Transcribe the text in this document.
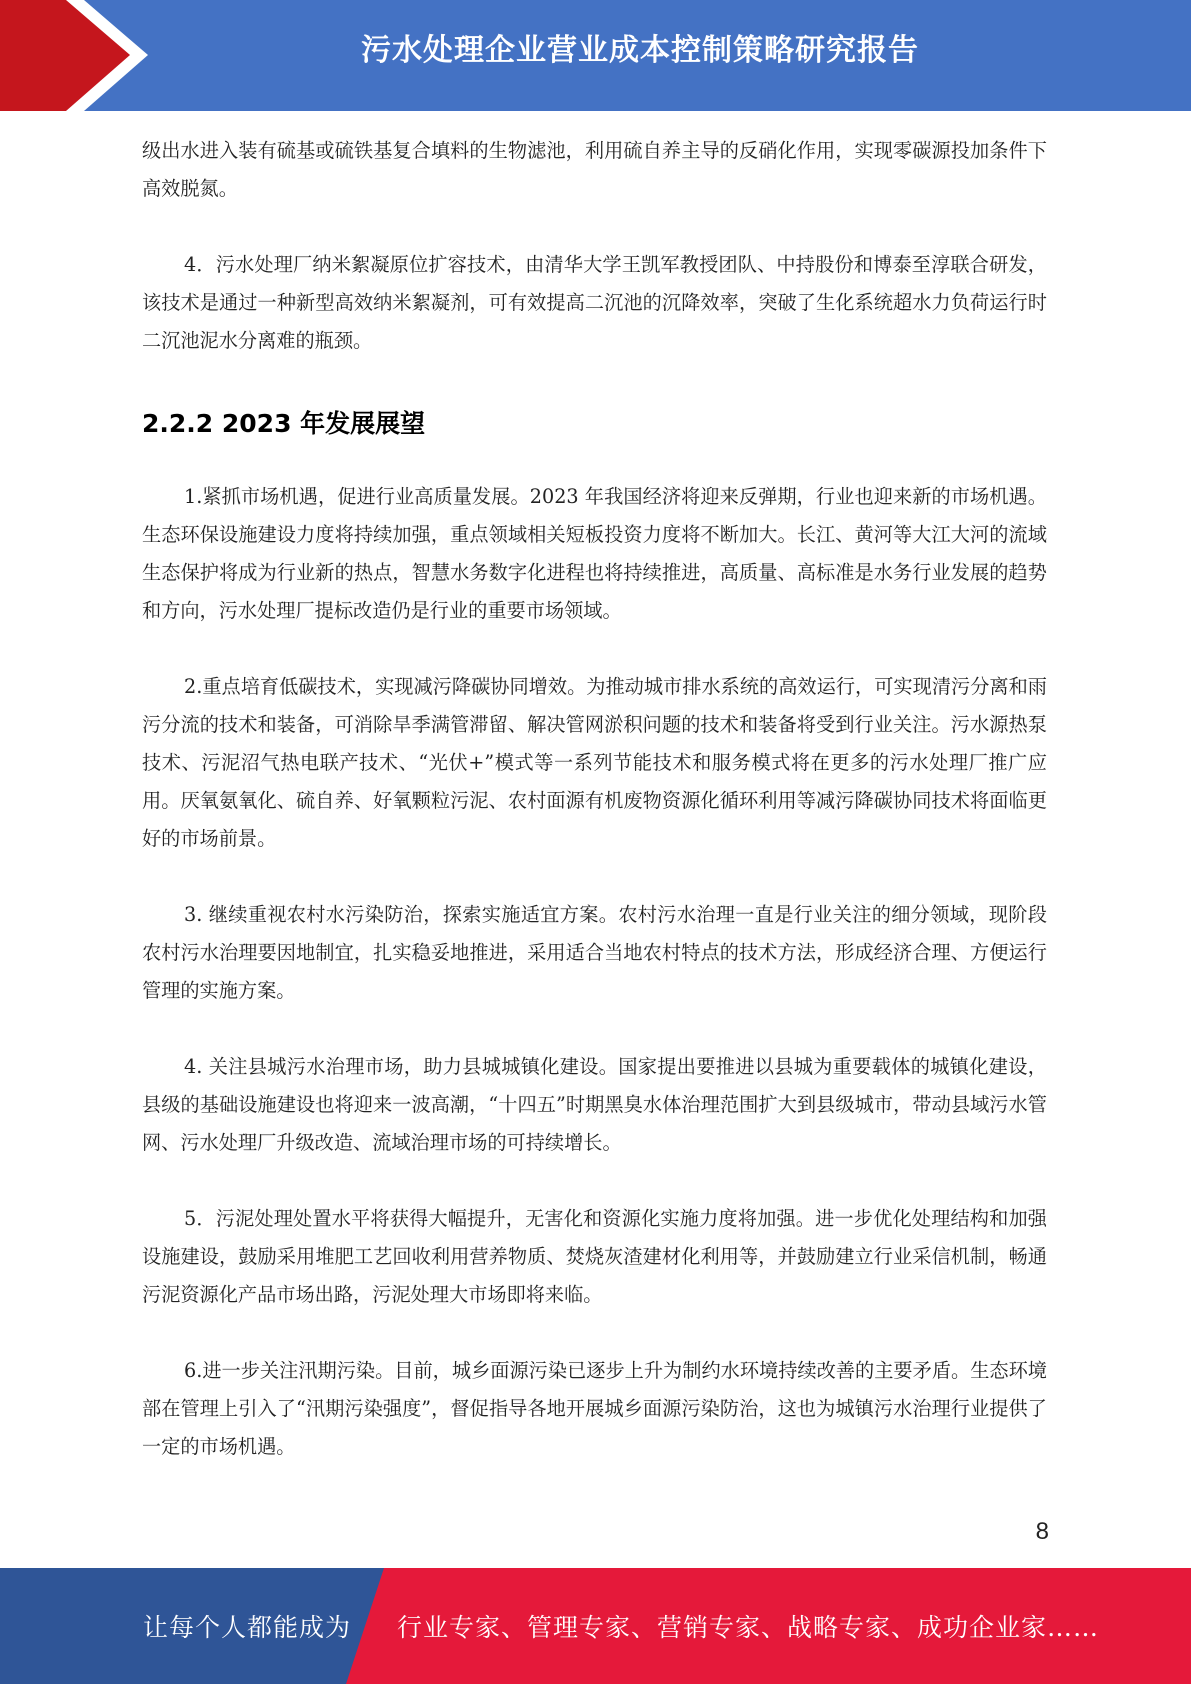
污水处理企业营业成本控制策略研究报告

级出水进入装有硫基或硫铁基复合填料的生物滤池，利用硫自养主导的反硝化作用，实现零碳源投加条件下高效脱氮。

4．污水处理厂纳米絮凝原位扩容技术，由清华大学王凯军教授团队、中持股份和博泰至淳联合研发，该技术是通过一种新型高效纳米絮凝剂，可有效提高二沉池的沉降效率，突破了生化系统超水力负荷运行时二沉池泥水分离难的瓶颈。

2.2.2 2023 年发展展望

1.紧抓市场机遇，促进行业高质量发展。2023 年我国经济将迎来反弹期，行业也迎来新的市场机遇。生态环保设施建设力度将持续加强，重点领域相关短板投资力度将不断加大。长江、黄河等大江大河的流域生态保护将成为行业新的热点，智慧水务数字化进程也将持续推进，高质量、高标准是水务行业发展的趋势和方向，污水处理厂提标改造仍是行业的重要市场领域。

2.重点培育低碳技术，实现减污降碳协同增效。为推动城市排水系统的高效运行，可实现清污分离和雨污分流的技术和装备，可消除旱季满管滞留、解决管网淤积问题的技术和装备将受到行业关注。污水源热泵技术、污泥沼气热电联产技术、“光伏+”模式等一系列节能技术和服务模式将在更多的污水处理厂推广应用。厌氧氨氧化、硫自养、好氧颗粒污泥、农村面源有机废物资源化循环利用等减污降碳协同技术将面临更好的市场前景。

3. 继续重视农村水污染防治，探索实施适宜方案。农村污水治理一直是行业关注的细分领域，现阶段农村污水治理要因地制宜，扎实稳妥地推进，采用适合当地农村特点的技术方法，形成经济合理、方便运行管理的实施方案。

4. 关注县城污水治理市场，助力县城城镇化建设。国家提出要推进以县城为重要载体的城镇化建设，县级的基础设施建设也将迎来一波高潮，“十四五”时期黑臭水体治理范围扩大到县级城市，带动县域污水管网、污水处理厂升级改造、流域治理市场的可持续增长。

5．污泥处理处置水平将获得大幅提升，无害化和资源化实施力度将加强。进一步优化处理结构和加强设施建设，鼓励采用堆肥工艺回收利用营养物质、焚烧灰渣建材化利用等，并鼓励建立行业采信机制，畅通污泥资源化产品市场出路，污泥处理大市场即将来临。

6.进一步关注汛期污染。目前，城乡面源污染已逐步上升为制约水环境持续改善的主要矛盾。生态环境部在管理上引入了“汛期污染强度”，督促指导各地开展城乡面源污染防治，这也为城镇污水治理行业提供了一定的市场机遇。

8
让每个人都能成为 行业专家、管理专家、营销专家、战略专家、成功企业家……
